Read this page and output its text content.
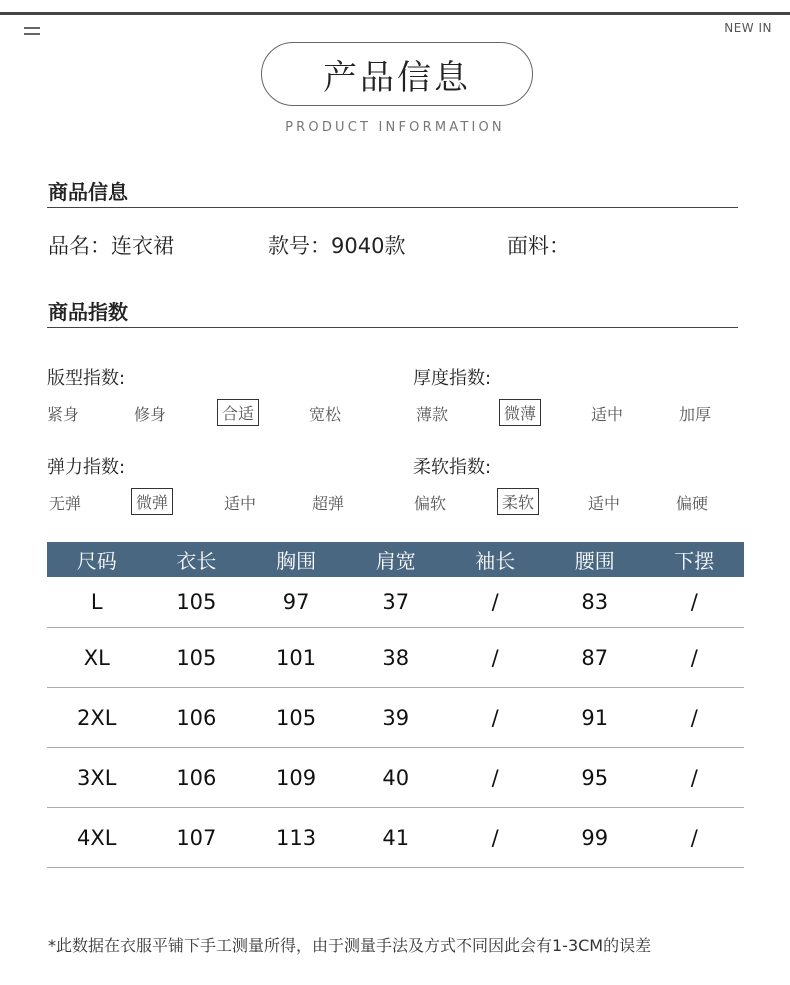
NEW IN
产品信息
PRODUCT INFORMATION
商品信息
品名：连衣裙	款号：9040款	面料：
商品指数
版型指数:	厚度指数:
弹力指数:	柔软指数:
紧身	修身	合适	宽松	薄款	微薄	适中	加厚
无弹	微弹	适中	超弹	偏软	柔软	适中	偏硬
尺码	衣长	胸围	肩宽	袖长	腰围	下摆
L	105	97	37	/	83	/
XL	105	101	38	/	87	/
2XL	106	105	39	/	91	/
3XL	106	109	40	/	95	/
4XL	107	113	41	/	99	/
*此数据在衣服平铺下手工测量所得，由于测量手法及方式不同因此会有1-3CM的误差
